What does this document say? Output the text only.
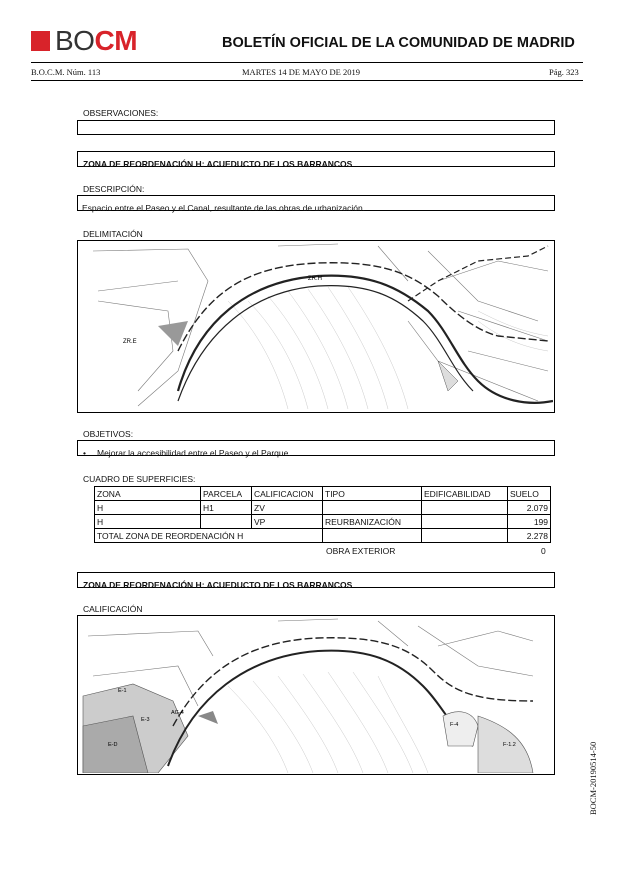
BOCM	BOLETÍN OFICIAL DE LA COMUNIDAD DE MADRID
B.O.C.M. Núm. 113	MARTES 14 DE MAYO DE 2019	Pág. 323
OBSERVACIONES:
ZONA DE REORDENACIÓN H: ACUEDUCTO DE LOS BARRANCOS
DESCRIPCIÓN:
Espacio entre el Paseo y el Canal, resultante de las obras de urbanización.
DELIMITACIÓN
ZR.H
ZR.E
OBJETIVOS:
• Mejorar la accesibilidad entre el Paseo y el Parque.
CUADRO DE SUPERFICIES:
ZONA	PARCELA	CALIFICACION	TIPO	EDIFICABILIDAD	SUELO
H	H1	ZV			2.079
H		VP	REURBANIZACIÓN		199
TOTAL ZONA DE REORDENACIÓN H					2.278
OBRA EXTERIOR	0
ZONA DE REORDENACIÓN H: ACUEDUCTO DE LOS BARRANCOS
CALIFICACIÓN
E-1
E-3
AG-4
E-D
F-4
F-1.2	BOCM-20190514-50
